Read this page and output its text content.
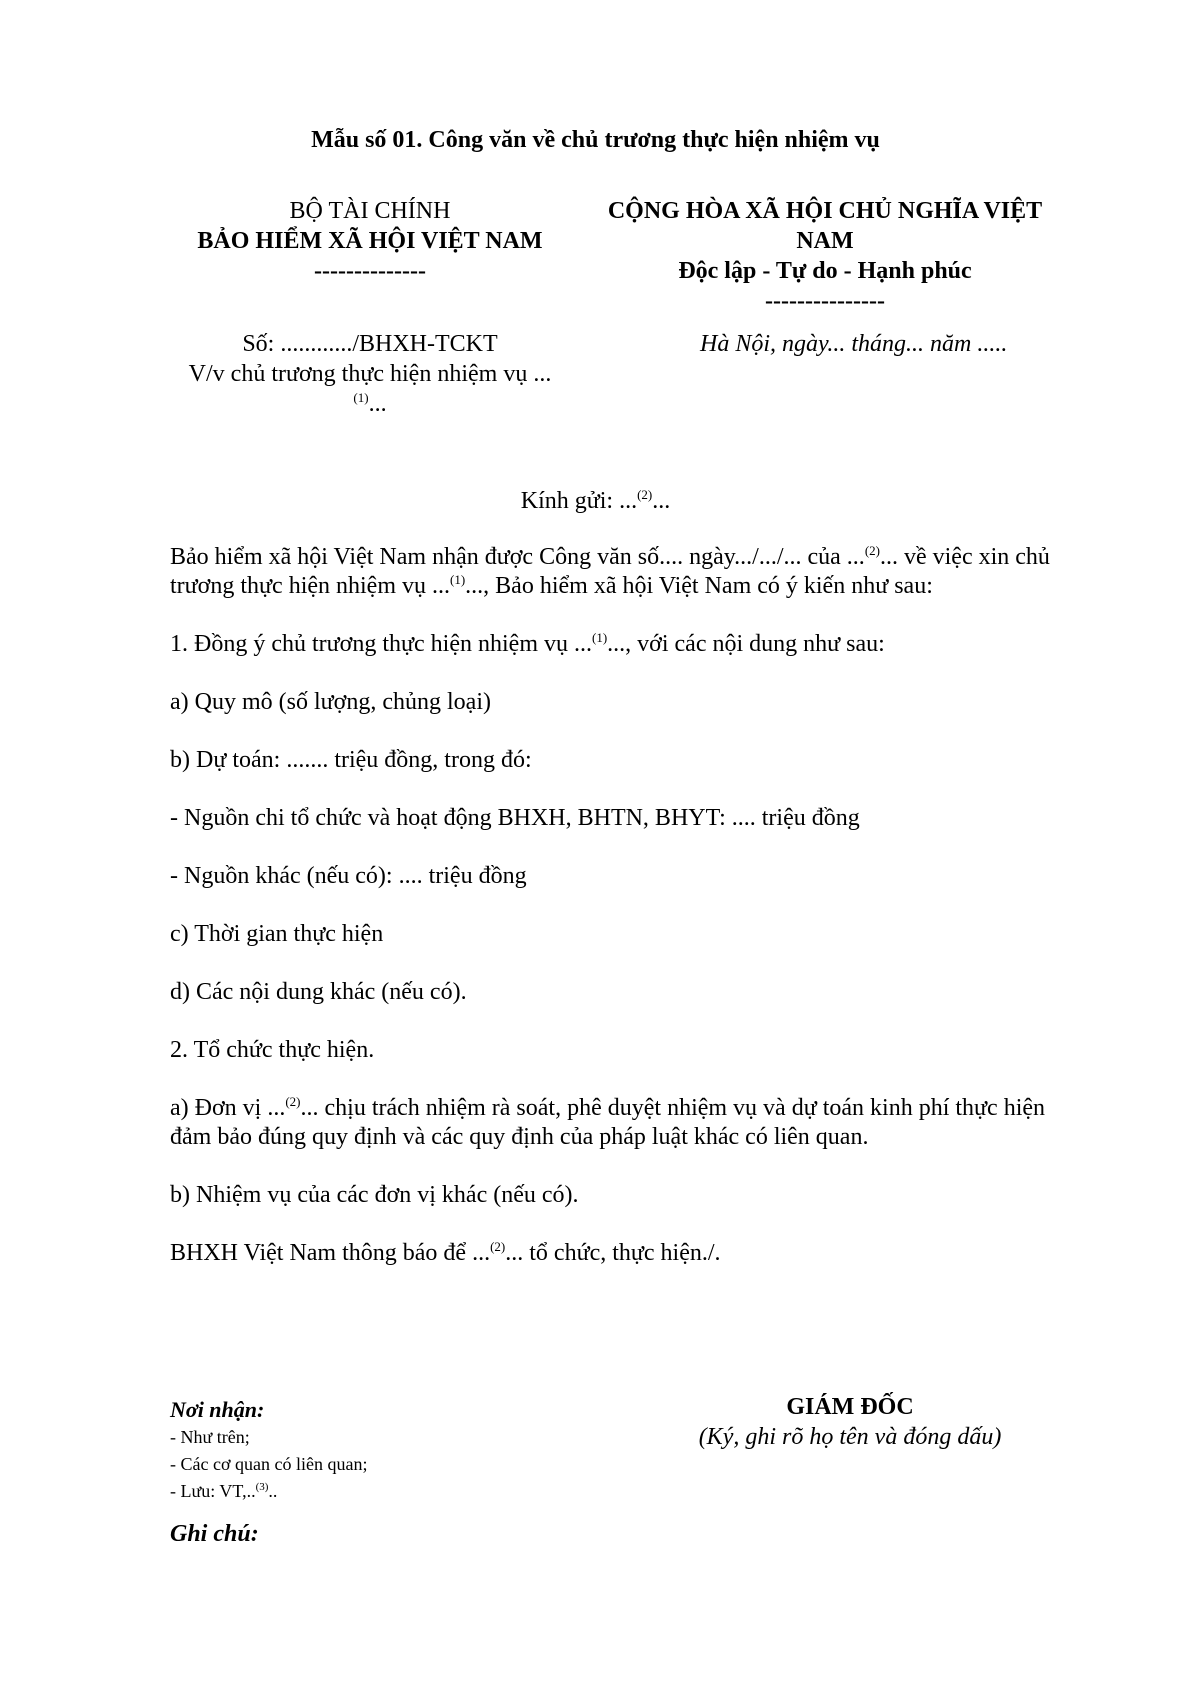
Mẫu số 01. Công văn về chủ trương thực hiện nhiệm vụ
BỘ TÀI CHÍNH
BẢO HIỂM XÃ HỘI VIỆT NAM
--------------
CỘNG HÒA XÃ HỘI CHỦ NGHĨA VIỆT
NAM
Độc lập - Tự do - Hạnh phúc
---------------
Số: ............/BHXH-TCKT
V/v chủ trương thực hiện nhiệm vụ ...
$^{(1)}$...
Hà Nội, ngày... tháng... năm .....
Kính gửi: ...$^{(2)}$...

Bảo hiểm xã hội Việt Nam nhận được Công văn số.... ngày.../.../... của ...$^{(2)}$... về việc xin chủ trương thực hiện nhiệm vụ ...$^{(1)}$..., Bảo hiểm xã hội Việt Nam có ý kiến như sau:

1. Đồng ý chủ trương thực hiện nhiệm vụ ...$^{(1)}$..., với các nội dung như sau:

a) Quy mô (số lượng, chủng loại)

b) Dự toán: ....... triệu đồng, trong đó:

- Nguồn chi tổ chức và hoạt động BHXH, BHTN, BHYT: .... triệu đồng

- Nguồn khác (nếu có): .... triệu đồng

c) Thời gian thực hiện

d) Các nội dung khác (nếu có).

2. Tổ chức thực hiện.

a) Đơn vị ...$^{(2)}$... chịu trách nhiệm rà soát, phê duyệt nhiệm vụ và dự toán kinh phí thực hiện đảm bảo đúng quy định và các quy định của pháp luật khác có liên quan.

b) Nhiệm vụ của các đơn vị khác (nếu có).

BHXH Việt Nam thông báo để ...$^{(2)}$... tổ chức, thực hiện./.

Nơi nhận:
- Như trên;
- Các cơ quan có liên quan;
- Lưu: VT,..$^{(3)}$..
Ghi chú:
GIÁM ĐỐC
(Ký, ghi rõ họ tên và đóng dấu)
